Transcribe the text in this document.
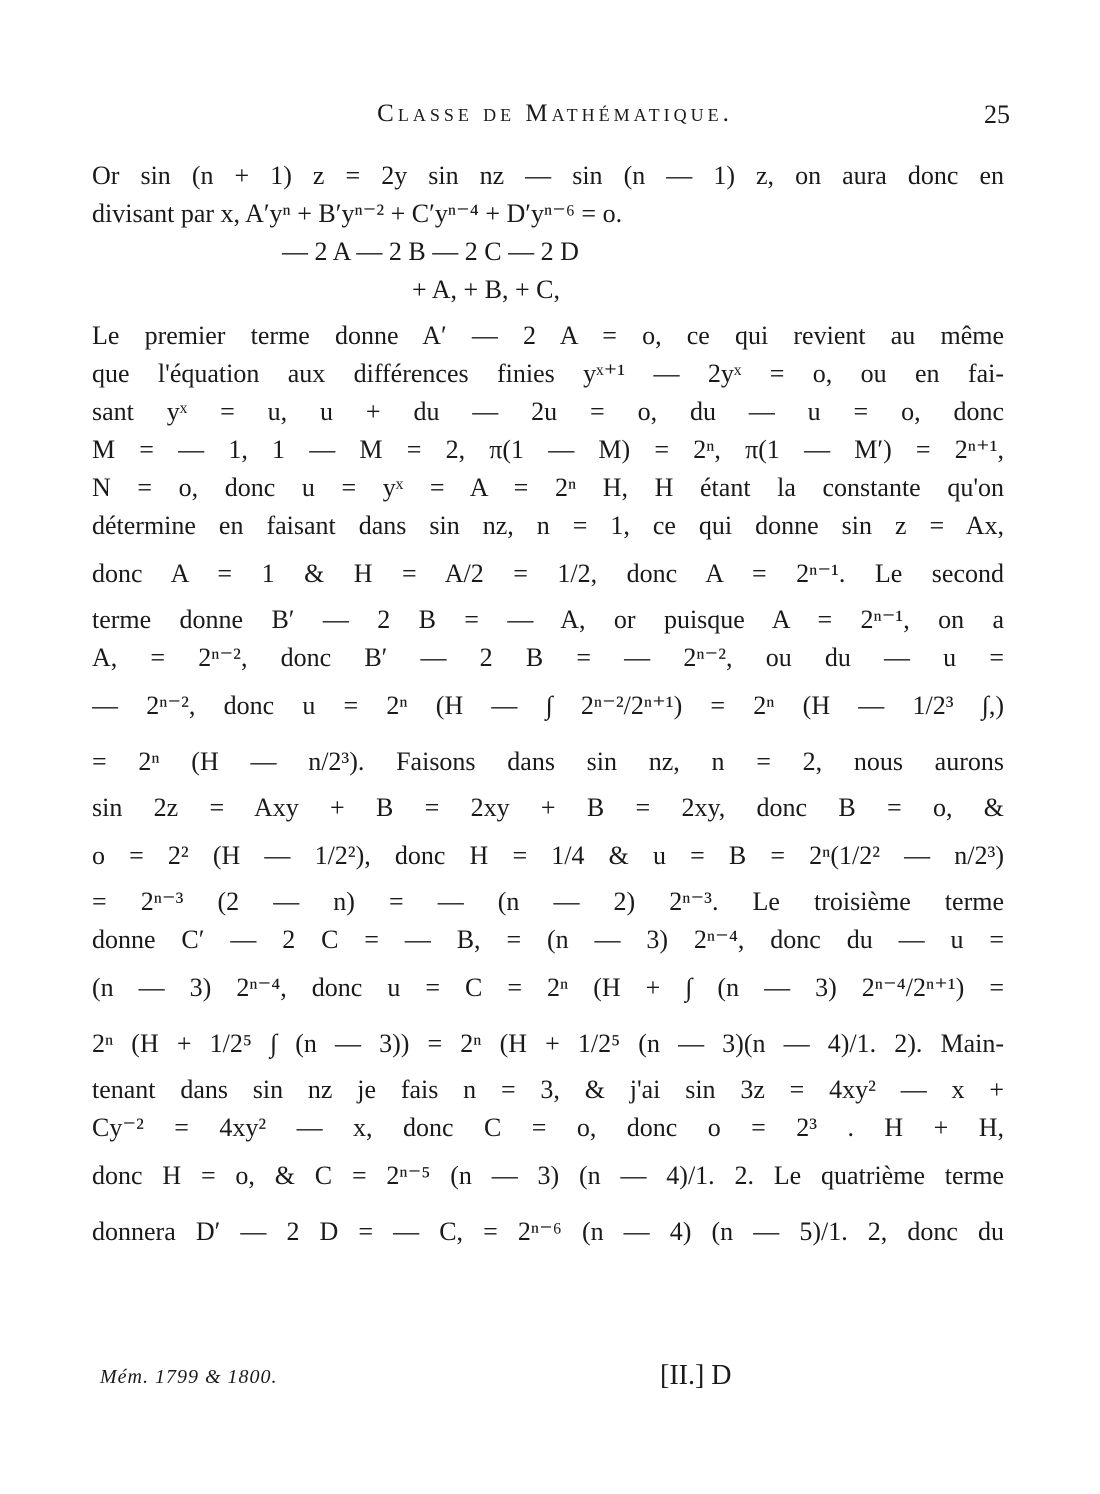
Classe de Mathématique.	25
Or sin (n + 1) z = 2y sin nz — sin (n — 1) z, on aura donc en
divisant par x, A′yⁿ + B′yⁿ⁻² + C′yⁿ⁻⁴ + D′yⁿ⁻⁶ = o.
— 2 A — 2 B — 2 C — 2 D
+ A, + B, + C,
Le premier terme donne A′ — 2 A = o, ce qui revient au même
que l'équation aux différences finies yˣ⁺¹ — 2yˣ = o, ou en fai-
sant yˣ = u, u + du — 2u = o, du — u = o, donc
M = — 1, 1 — M = 2, π(1 — M) = 2ⁿ, π(1 — M′) = 2ⁿ⁺¹,
N = o, donc u = yˣ = A = 2ⁿ H, H étant la constante qu'on
détermine en faisant dans sin nz, n = 1, ce qui donne sin z = Ax,
donc A = 1 & H = A/2 = 1/2, donc A = 2ⁿ⁻¹. Le second
terme donne B′ — 2 B = — A, or puisque A = 2ⁿ⁻¹, on a
A, = 2ⁿ⁻², donc B′ — 2 B = — 2ⁿ⁻², ou du — u =
— 2ⁿ⁻², donc u = 2ⁿ (H — ∫ 2ⁿ⁻²/2ⁿ⁺¹) = 2ⁿ (H — 1/2³ ∫,)
= 2ⁿ (H — n/2³). Faisons dans sin nz, n = 2, nous aurons
sin 2z = Axy + B = 2xy + B = 2xy, donc B = o, &
o = 2² (H — 1/2²), donc H = 1/4 & u = B = 2ⁿ(1/2² — n/2³)
= 2ⁿ⁻³ (2 — n) = — (n — 2) 2ⁿ⁻³. Le troisième terme
donne C′ — 2 C = — B, = (n — 3) 2ⁿ⁻⁴, donc du — u =
(n — 3) 2ⁿ⁻⁴, donc u = C = 2ⁿ (H + ∫ (n — 3) 2ⁿ⁻⁴/2ⁿ⁺¹) =
2ⁿ (H + 1/2⁵ ∫ (n — 3)) = 2ⁿ (H + 1/2⁵ (n — 3)(n — 4)/1. 2). Main-
tenant dans sin nz je fais n = 3, & j'ai sin 3z = 4xy² — x +
Cy⁻² = 4xy² — x, donc C = o, donc o = 2³ . H + H,
donc H = o, & C = 2ⁿ⁻⁵ (n — 3) (n — 4)/1. 2. Le quatrième terme
donnera D′ — 2 D = — C, = 2ⁿ⁻⁶ (n — 4) (n — 5)/1. 2, donc du
Mém. 1799 & 1800.	[II.] D
